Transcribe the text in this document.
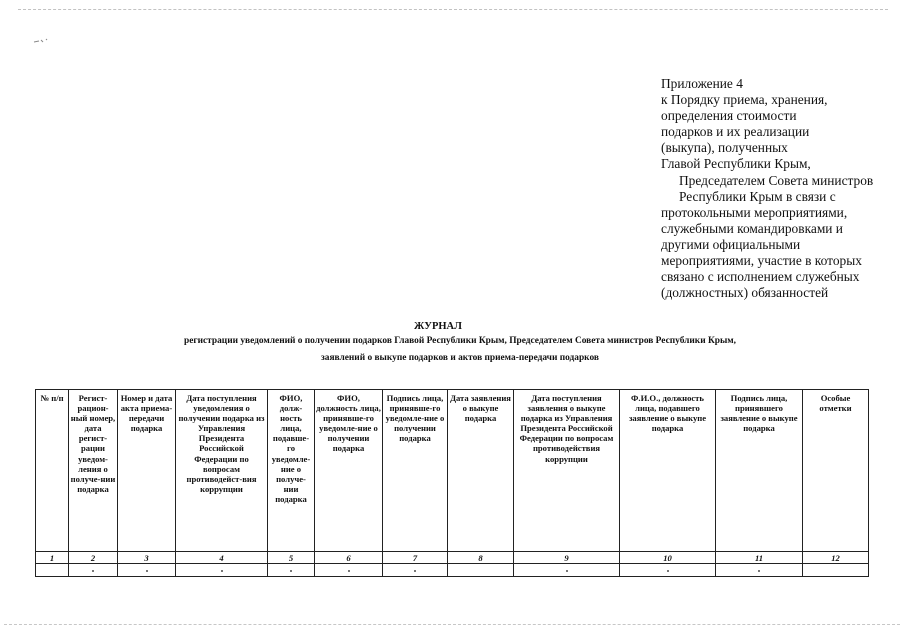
Приложение 4
к Порядку приема, хранения,
определения стоимости
подарков и их реализации
(выкупа), полученных
Главой Республики Крым,
Председателем Совета министров
Республики Крым в связи с
протокольными мероприятиями,
служебными командировками и
другими официальными
мероприятиями, участие в которых
связано с исполнением служебных
(должностных) обязанностей
ЖУРНАЛ
регистрации уведомлений о получении подарков Главой Республики Крым, Председателем Совета министров Республики Крым,
заявлений о выкупе подарков и актов приема-передачи подарков
№ п/п	Регист-рацион-ный номер, дата регист-рации уведом-ления о получе-нии подарка	Номер и дата акта приема-передачи подарка	Дата поступления уведомления о получении подарка из Управления Президента Российской Федерации по вопросам противодейст-вия коррупции	ФИО, долж-ность лица, подавше-го уведомле-ние о получе-нии подарка	ФИО, должность лица, принявше-го уведомле-ние о получении подарка	Подпись лица, принявше-го уведомле-ние о получении подарка	Дата заявления о выкупе подарка	Дата поступления заявления о выкупе подарка из Управления Президента Российской Федерации по вопросам противодействия коррупции	Ф.И.О., должность лица, подавшего заявление о выкупе подарка	Подпись лица, принявшего заявление о выкупе подарка	Особые отметки
1	2	3	4	5	6	7	8	9	10	11	12
